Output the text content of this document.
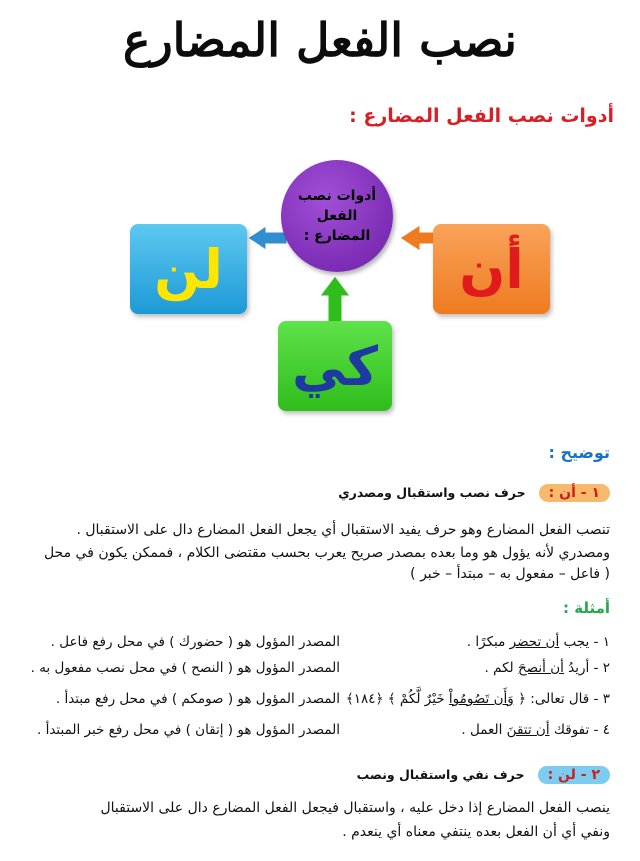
نصب الفعل المضارع
أدوات نصب الفعل المضارع :
أدوات نصب الفعل المضارع :
لن	أن
كي
توضيح :
١ - أن : حرف نصب واستقبال ومصدري
تنصب الفعل المضارع وهو حرف يفيد الاستقبال أي يجعل الفعل المضارع دال على الاستقبال .
ومصدري لأنه يؤول هو وما بعده بمصدر صريح يعرب بحسب مقتضى الكلام ، فممكن يكون في محل
( فاعل – مفعول به – مبتدأ – خبر )
أمثلة :
١ - يجب أن تحضر مبكرًا .
المصدر المؤول هو ( حضورك ) في محل رفع فاعل .
٢ - أريدُ أن أنصحَ لكم .
المصدر المؤول هو ( النصح ) في محل نصب مفعول به .
٣ - قال تعالى: ﴿ وَأَن تَصُومُواْ خَيْرٌ لَّكُمْ ﴾ ﴿١٨٤﴾
المصدر المؤول هو ( صومكم ) في محل رفع مبتدأ .
٤ - تفوقك أن تتقنَ العمل .
المصدر المؤول هو ( إتقان ) في محل رفع خبر المبتدأ .
٢ - لن : حرف نفي واستقبال ونصب
ينصب الفعل المضارع إذا دخل عليه ، واستقبال فيجعل الفعل المضارع دال على الاستقبال
ونفي أي أن الفعل بعده ينتفي معناه أي ينعدم .
